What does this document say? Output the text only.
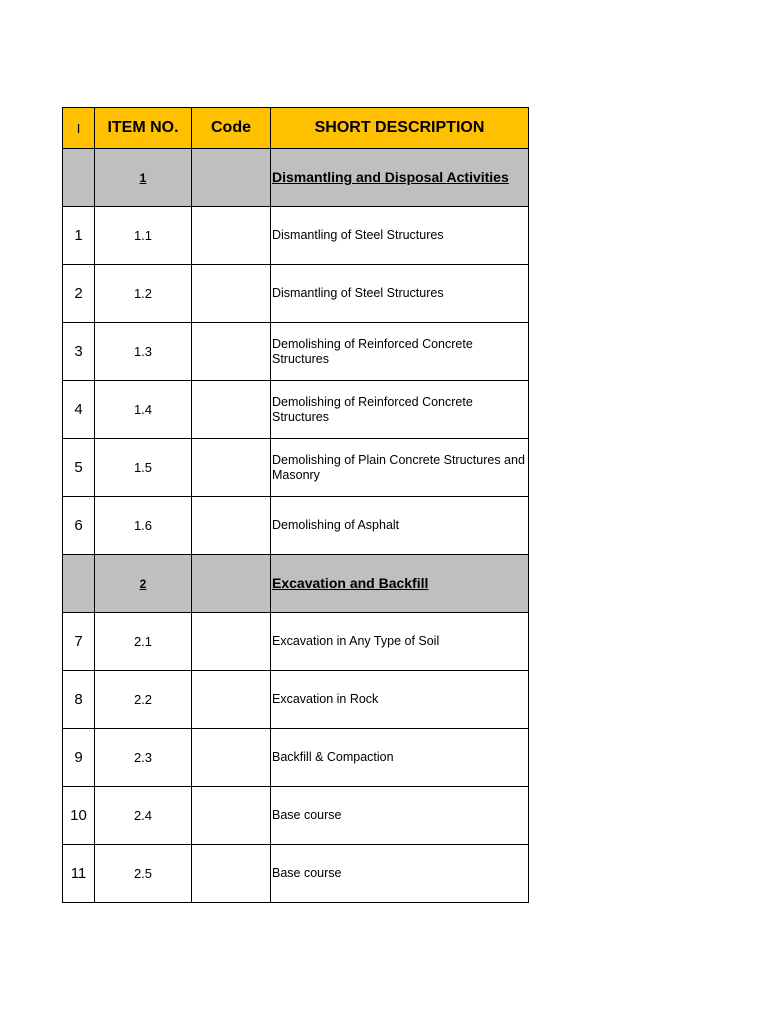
I	ITEM NO.	Code	SHORT DESCRIPTION
	1		Dismantling and Disposal Activities
1	1.1		Dismantling of Steel Structures
2	1.2		Dismantling of Steel Structures
3	1.3		Demolishing of Reinforced Concrete Structures
4	1.4		Demolishing of Reinforced Concrete Structures
5	1.5		Demolishing of Plain Concrete Structures and Masonry
6	1.6		Demolishing of Asphalt
	2		Excavation and Backfill
7	2.1		Excavation in Any Type of Soil
8	2.2		Excavation in Rock
9	2.3		Backfill & Compaction
10	2.4		Base course
11	2.5		Base course
